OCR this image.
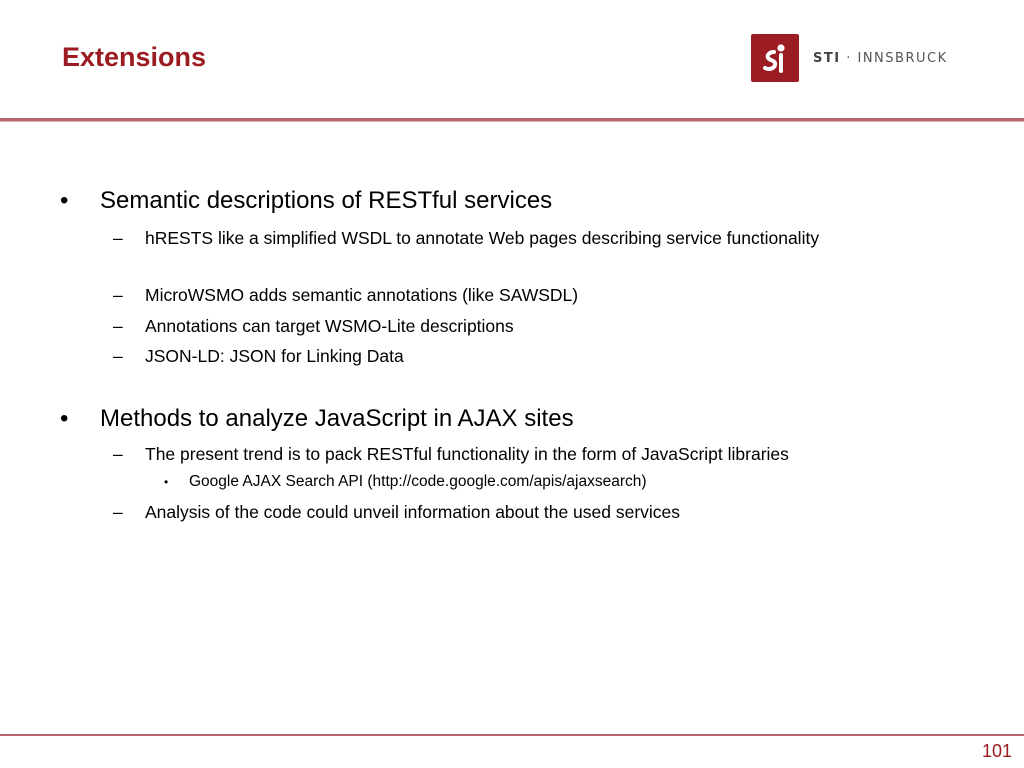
Extensions	STI · INNSBRUCK
• Semantic descriptions of RESTful services
– hRESTS like a simplified WSDL to annotate Web pages describing service functionality
– MicroWSMO adds semantic annotations (like SAWSDL)
– Annotations can target WSMO-Lite descriptions
– JSON-LD: JSON for Linking Data
• Methods to analyze JavaScript in AJAX sites
– The present trend is to pack RESTful functionality in the form of JavaScript libraries
• Google AJAX Search API (http://code.google.com/apis/ajaxsearch)
– Analysis of the code could unveil information about the used services
101
